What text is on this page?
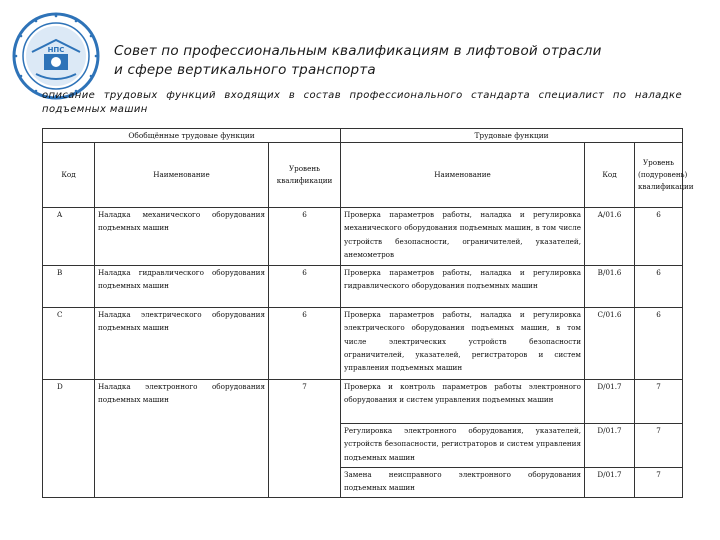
НПС	Совет по профессиональным квалификациям в лифтовой отрасли
и сфере вертикального транспорта
описание трудовых функций входящих в состав профессионального стандарта специалист по наладке подъемных машин
Обобщённые трудовые функции			Трудовые функции		
Код	Наименование	Уровень квалификации	Наименование	Код	Уровень (подуровень) квалификации
A	Наладка механического оборудования подъемных машин	6	Проверка параметров работы, наладка и регулировка механического оборудования подъемных машин, в том числе устройств безопасности, ограничителей, указателей, анемометров	A/01.6	6
B	Наладка гидравлического оборудования подъемных машин	6	Проверка параметров работы, наладка и регулировка гидравлического оборудования подъемных машин	B/01.6	6
C	Наладка электрического оборудования подъемных машин	6	Проверка параметров работы, наладка и регулировка электрического оборудования подъемных машин, в том числе электрических устройств безопасности ограничителей, указателей, регистраторов и систем управления подъемных машин	C/01.6	6
D	Наладка электронного оборудования подъемных машин	7	Проверка и контроль параметров работы электронного оборудования и систем управления подъемных машин	D/01.7	7
			Регулировка электронного оборудования, указателей, устройств безопасности, регистраторов и систем управления подъемных машин	D/01.7	7
			Замена неисправного электронного оборудования подъемных машин	D/01.7	7
